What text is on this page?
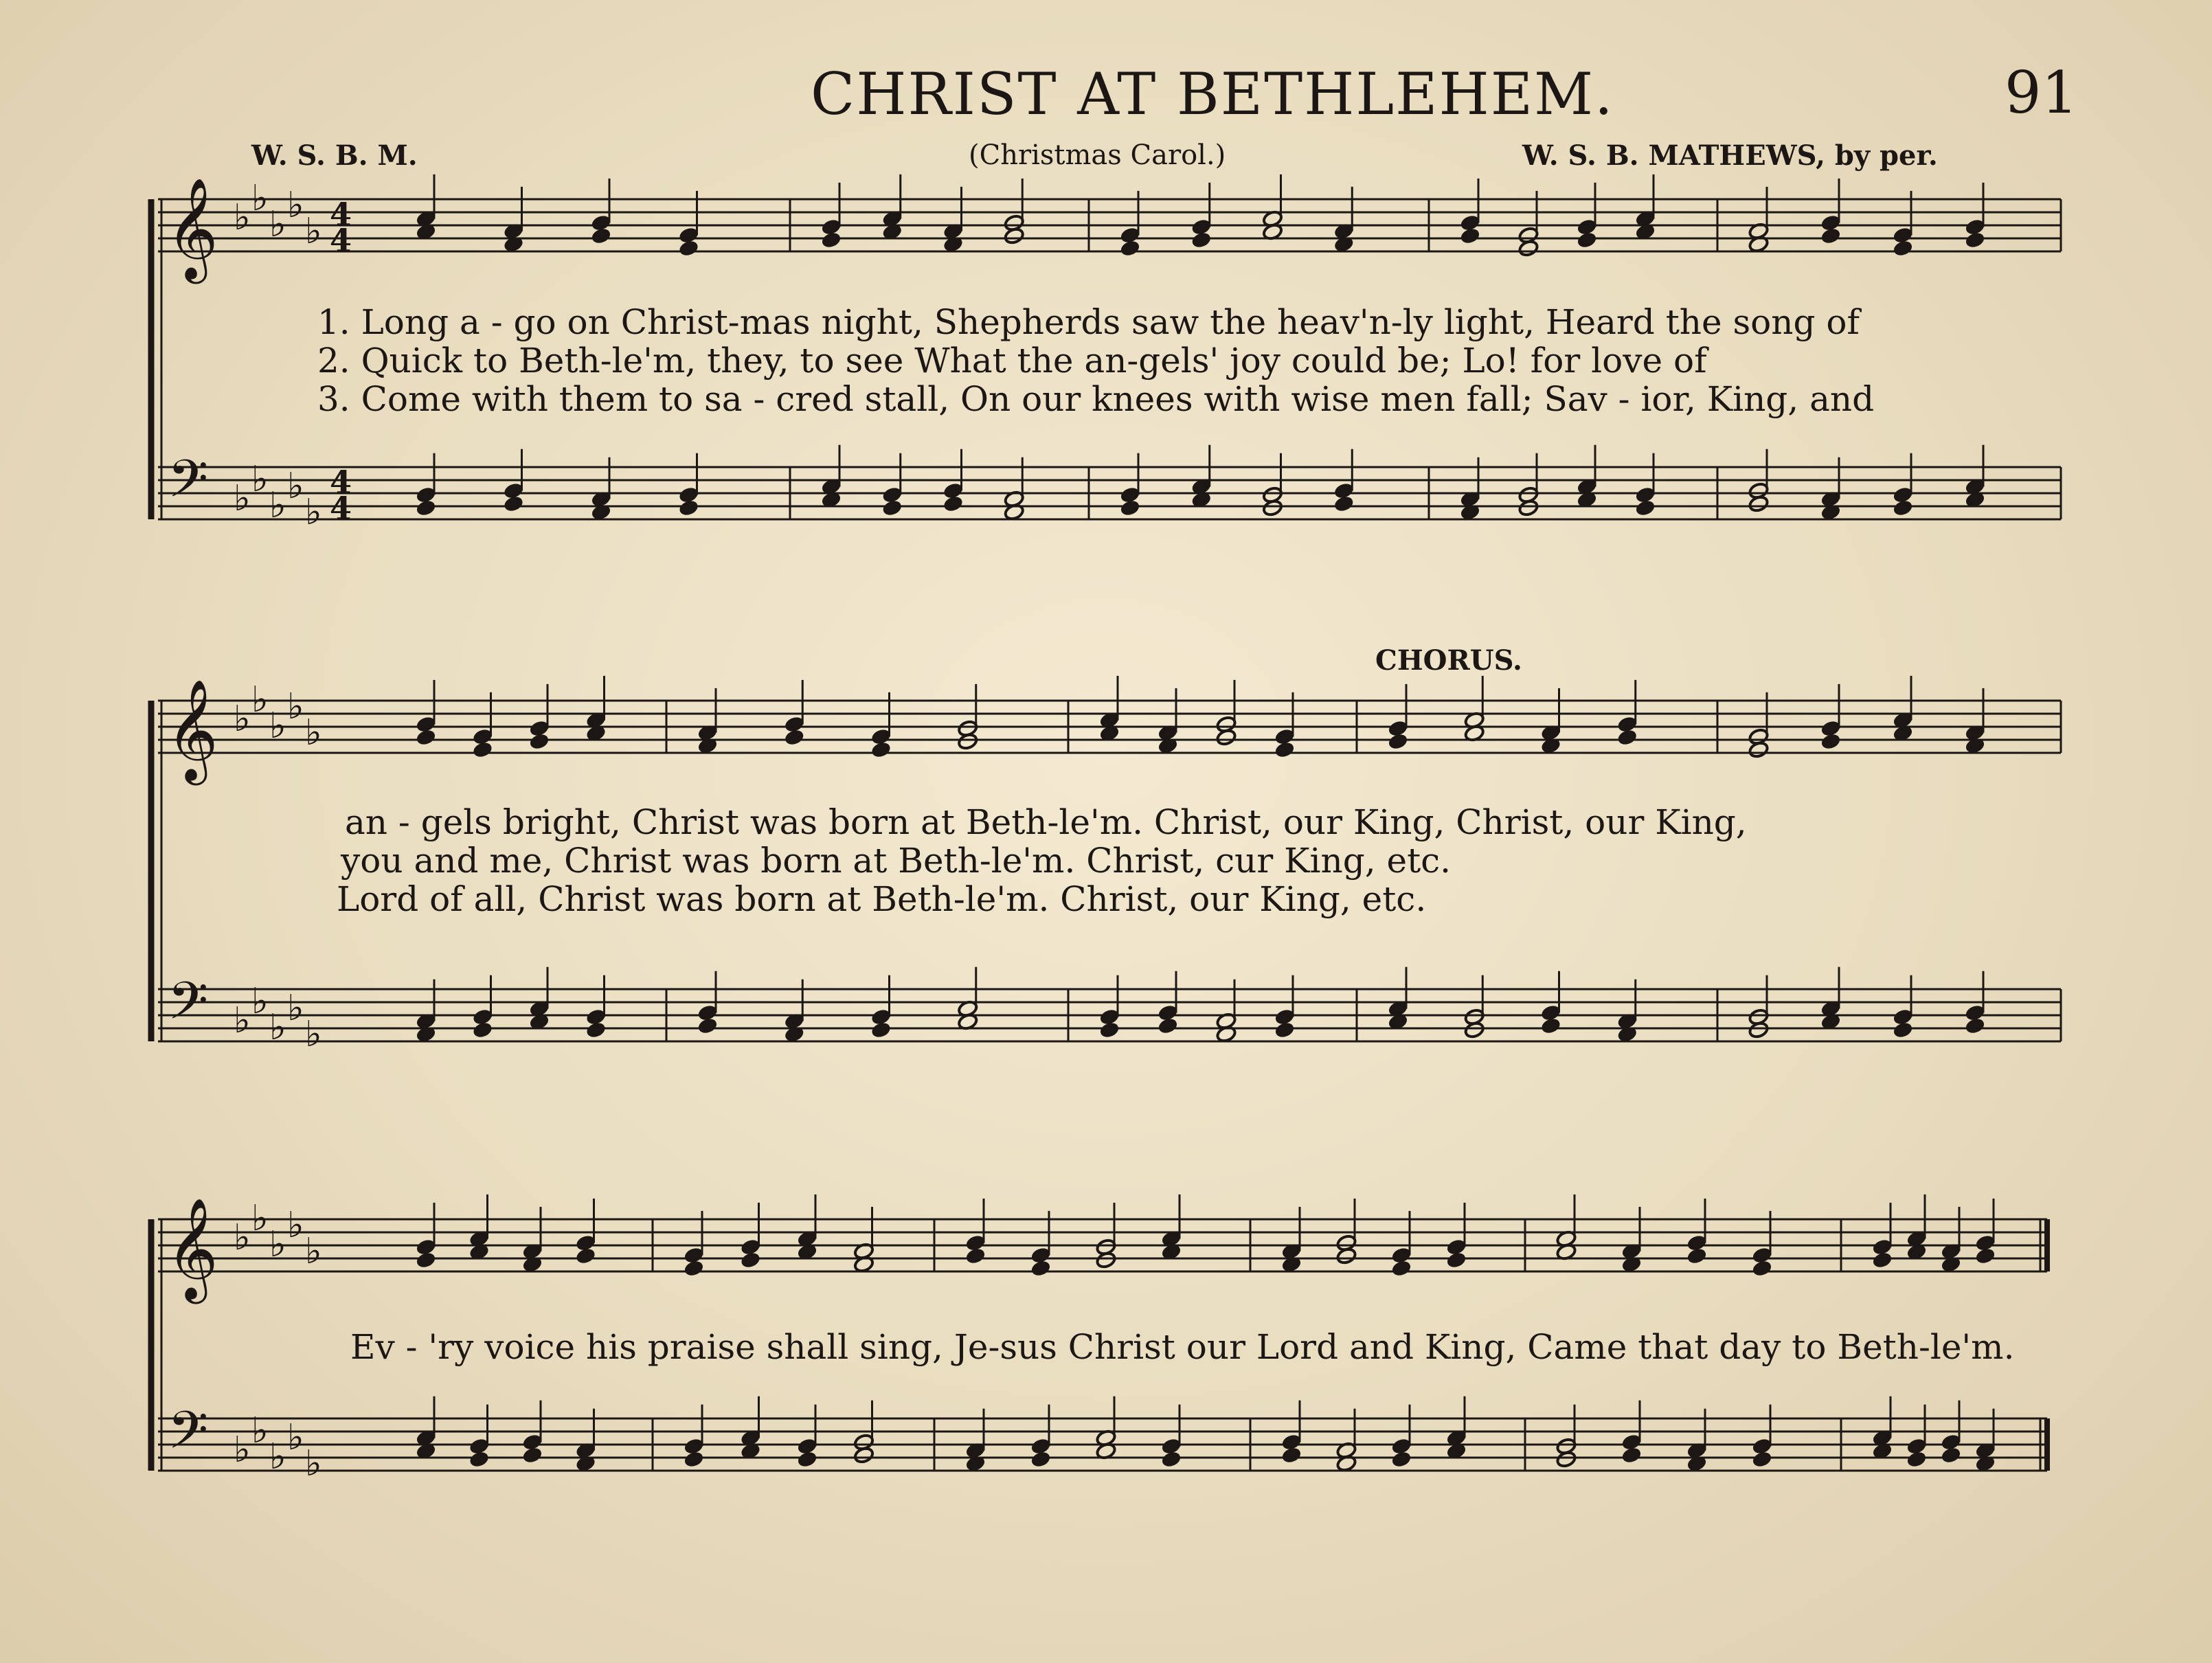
CHRIST AT BETHLEHEM.	91
W. S. B. M.	(Christmas Carol.)	W. S. B. MATHEWS, by per.
CHORUS.
𝄞
𝄢
♭ ♭
♭ ♭
♭
♭ ♭
♭ ♭
♭
4
4
4
4
𝄞
𝄢
♭ ♭
♭ ♭
♭
♭ ♭
♭ ♭
♭
𝄞
𝄢
♭ ♭
♭ ♭
♭
♭ ♭
♭ ♭
♭
1. Long a - go on Christ-mas night, Shepherds saw the heav'n-ly light, Heard the song of
2. Quick to Beth-le'm, they, to see What the an-gels' joy could be; Lo! for love of
3. Come with them to sa - cred stall, On our knees with wise men fall; Sav - ior, King, and
an - gels bright, Christ was born at Beth-le'm. Christ, our King, Christ, our King,
you and me, Christ was born at Beth-le'm. Christ, cur King, etc.
Lord of all, Christ was born at Beth-le'm. Christ, our King, etc.
Ev - 'ry voice his praise shall sing, Je-sus Christ our Lord and King, Came that day to Beth-le'm.
